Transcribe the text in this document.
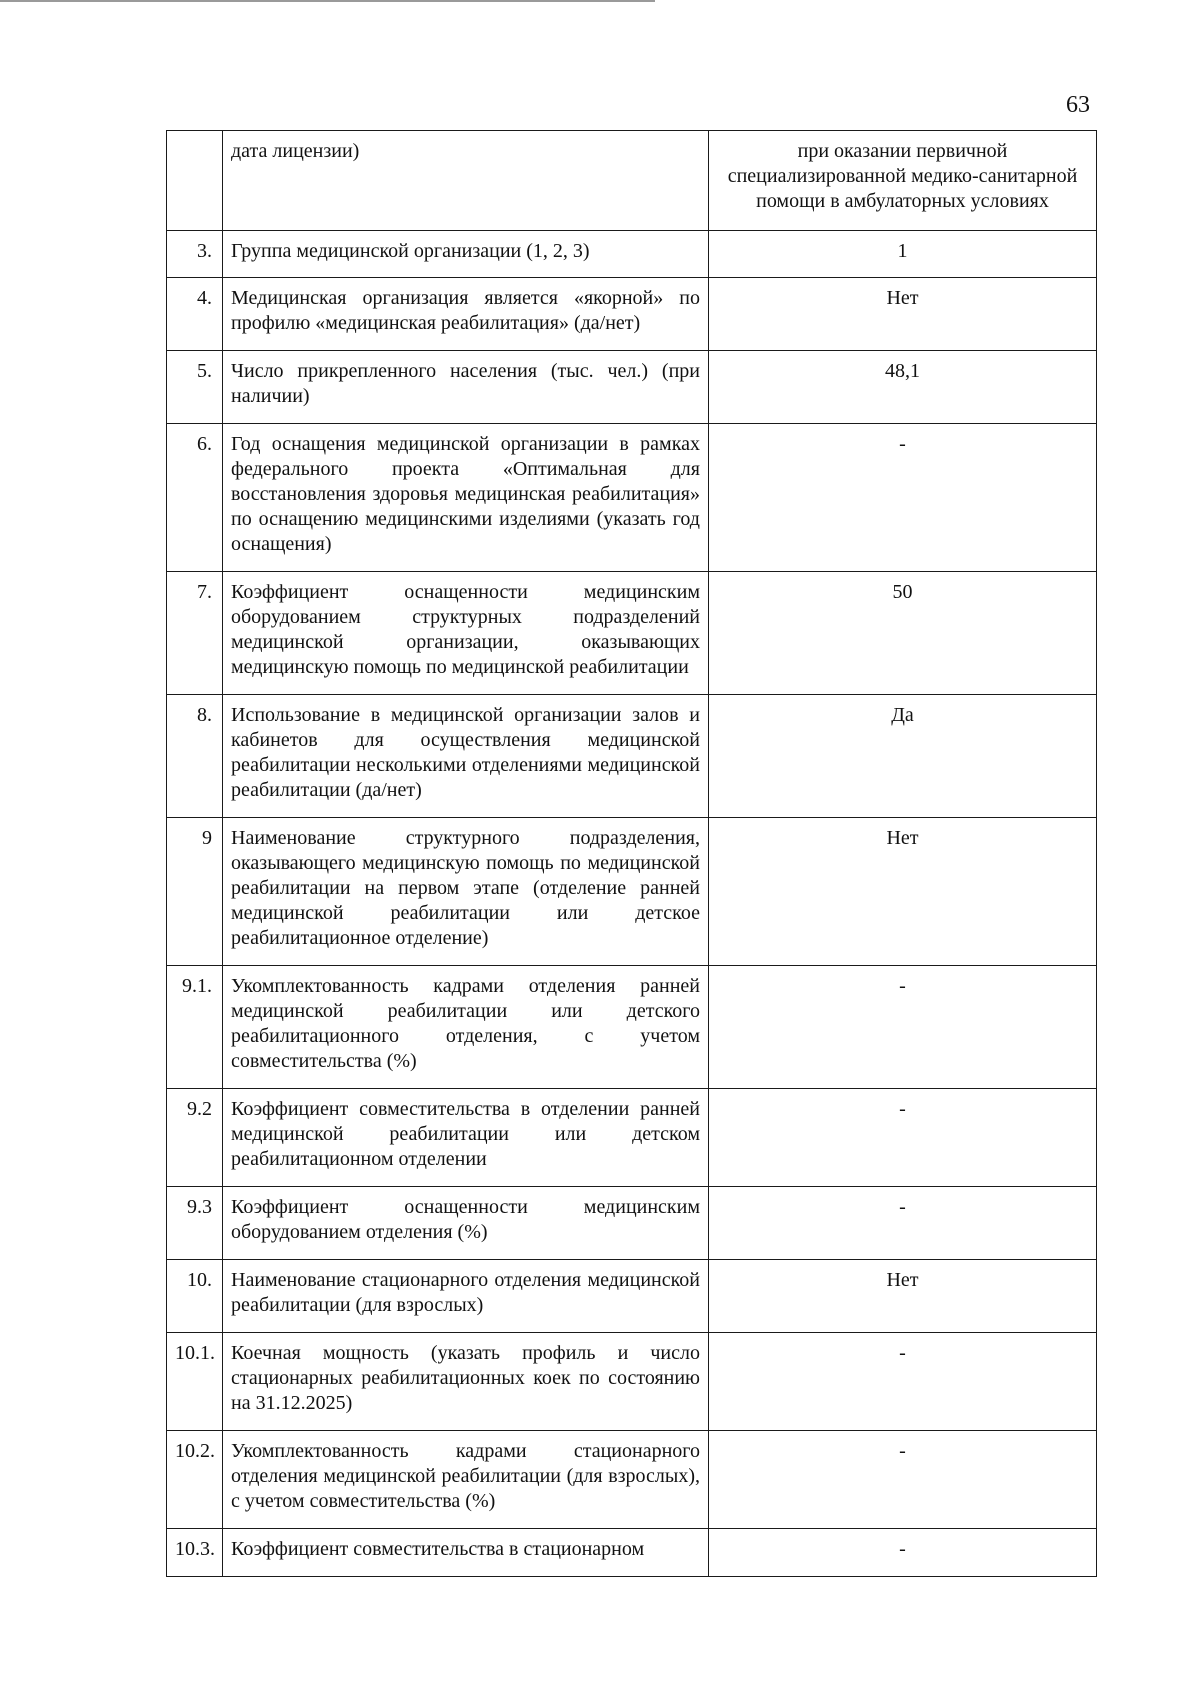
63
	дата лицензии)	при оказании первичной специализированной медико-санитарной помощи в амбулаторных условиях
3.	Группа медицинской организации (1, 2, 3)	1
4.	Медицинская организация является «якорной» по профилю «медицинская реабилитация» (да/нет)	Нет
5.	Число прикрепленного населения (тыс. чел.) (при наличии)	48,1
6.	Год оснащения медицинской организации в рамках федерального проекта «Оптимальная для восстановления здоровья медицинская реабилитация» по оснащению медицинскими изделиями (указать год оснащения)	-
7.	Коэффициент оснащенности медицинским оборудованием структурных подразделений медицинской организации, оказывающих медицинскую помощь по медицинской реабилитации	50
8.	Использование в медицинской организации залов и кабинетов для осуществления медицинской реабилитации несколькими отделениями медицинской реабилитации (да/нет)	Да
9	Наименование структурного подразделения, оказывающего медицинскую помощь по медицинской реабилитации на первом этапе (отделение ранней медицинской реабилитации или детское реабилитационное отделение)	Нет
9.1.	Укомплектованность кадрами отделения ранней медицинской реабилитации или детского реабилитационного отделения, с учетом совместительства (%)	-
9.2	Коэффициент совместительства в отделении ранней медицинской реабилитации или детском реабилитационном отделении	-
9.3	Коэффициент оснащенности медицинским оборудованием отделения (%)	-
10.	Наименование стационарного отделения медицинской реабилитации (для взрослых)	Нет
10.1.	Коечная мощность (указать профиль и число стационарных реабилитационных коек по состоянию на 31.12.2025)	-
10.2.	Укомплектованность кадрами стационарного отделения медицинской реабилитации (для взрослых), с учетом совместительства (%)	-
10.3.	Коэффициент совместительства в стационарном	-
